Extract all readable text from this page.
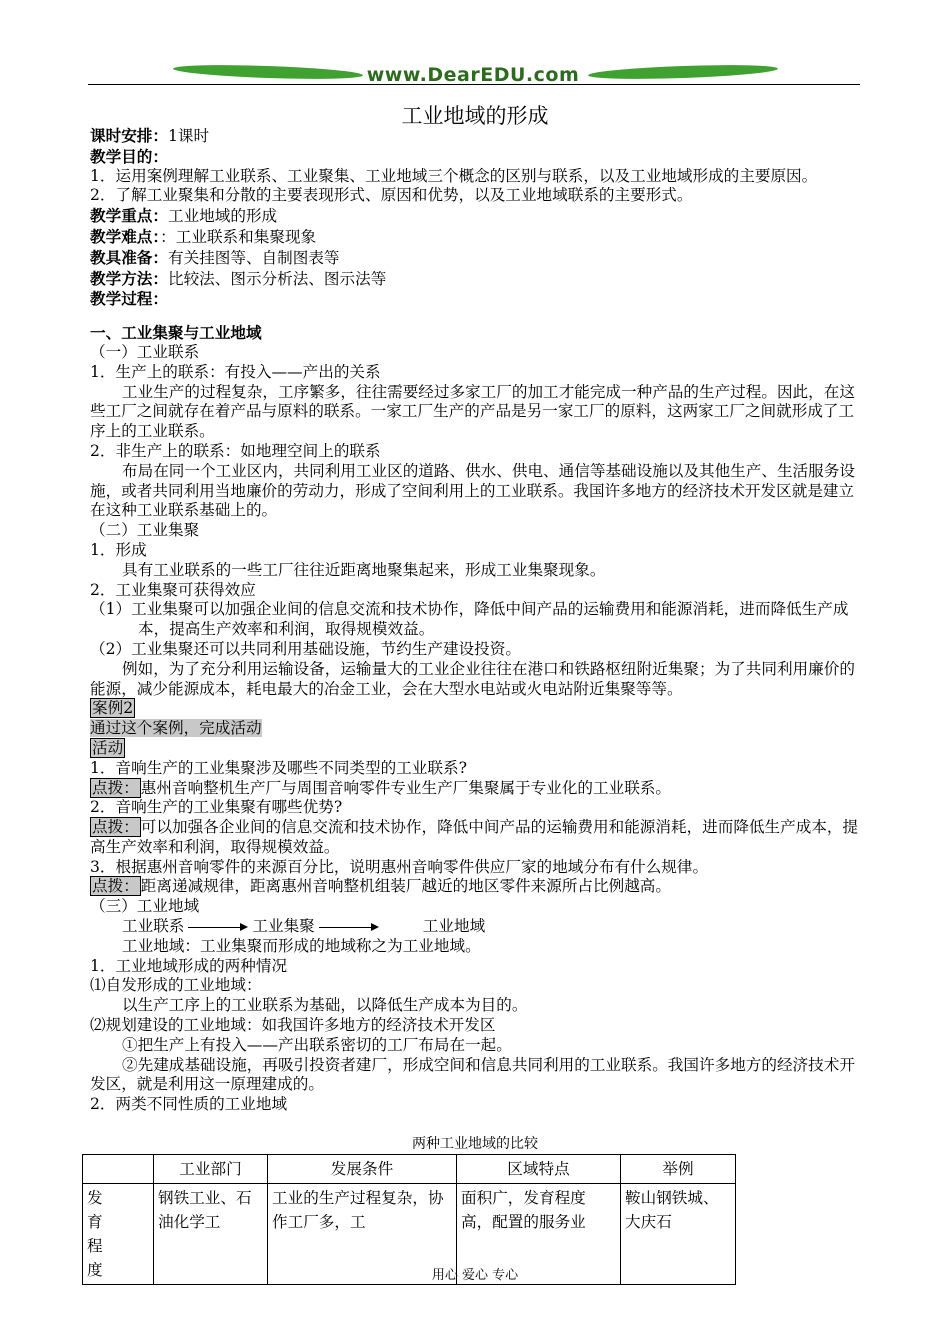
www.DearEDU.com
工业地域的形成

课时安排：1课时

教学目的：

1．运用案例理解工业联系、工业聚集、工业地域三个概念的区别与联系，以及工业地域形成的主要原因。

2．了解工业聚集和分散的主要表现形式、原因和优势，以及工业地域联系的主要形式。

教学重点：工业地域的形成

教学难点：：工业联系和集聚现象

教具准备：有关挂图等、自制图表等

教学方法：比较法、图示分析法、图示法等

教学过程：

一、工业集聚与工业地域

（一）工业联系

1．生产上的联系：有投入——产出的关系

工业生产的过程复杂，工序繁多，往往需要经过多家工厂的加工才能完成一种产品的生产过程。因此，在这些工厂之间就存在着产品与原料的联系。一家工厂生产的产品是另一家工厂的原料，这两家工厂之间就形成了工序上的工业联系。

2．非生产上的联系：如地理空间上的联系

布局在同一个工业区内，共同利用工业区的道路、供水、供电、通信等基础设施以及其他生产、生活服务设施，或者共同利用当地廉价的劳动力，形成了空间利用上的工业联系。我国许多地方的经济技术开发区就是建立在这种工业联系基础上的。

（二）工业集聚

1．形成

具有工业联系的一些工厂往往近距离地聚集起来，形成工业集聚现象。

2．工业集聚可获得效应

（1）工业集聚可以加强企业间的信息交流和技术协作，降低中间产品的运输费用和能源消耗，进而降低生产成本，提高生产效率和利润，取得规模效益。

（2）工业集聚还可以共同利用基础设施，节约生产建设投资。

例如，为了充分利用运输设备，运输量大的工业企业往往在港口和铁路枢纽附近集聚；为了共同利用廉价的能源，减少能源成本，耗电最大的冶金工业，会在大型水电站或火电站附近集聚等等。

案例2

通过这个案例，完成活动

活动

1．音响生产的工业集聚涉及哪些不同类型的工业联系?

点拨： 惠州音响整机生产厂与周围音响零件专业生产厂集聚属于专业化的工业联系。

2．音响生产的工业集聚有哪些优势?

点拨： 可以加强各企业间的信息交流和技术协作，降低中间产品的运输费用和能源消耗，进而降低生产成本，提高生产效率和利润，取得规模效益。

3．根据惠州音响零件的来源百分比，说明惠州音响零件供应厂家的地域分布有什么规律。

点拨： 距离递减规律，距离惠州音响整机组装厂越近的地区零件来源所占比例越高。

（三）工业地域

工业联系	工业集聚	工业地域

工业地域：工业集聚而形成的地域称之为工业地域。

1．工业地域形成的两种情况

⑴自发形成的工业地域：

以生产工序上的工业联系为基础，以降低生产成本为目的。

⑵规划建设的工业地域：如我国许多地方的经济技术开发区

①把生产上有投入——产出联系密切的工厂布局在一起。

②先建成基础设施，再吸引投资者建厂，形成空间和信息共同利用的工业联系。我国许多地方的经济技术开发区，就是利用这一原理建成的。

2．两类不同性质的工业地域

两种工业地域的比较
	工业部门	发展条件	区域特点	举例
发育程度	钢铁工业、石油化学工	工业的生产过程复杂，协作工厂多，工	面积广，发育程度高，配置的服务业	鞍山钢铁城、大庆石
用心 爱心 专心
